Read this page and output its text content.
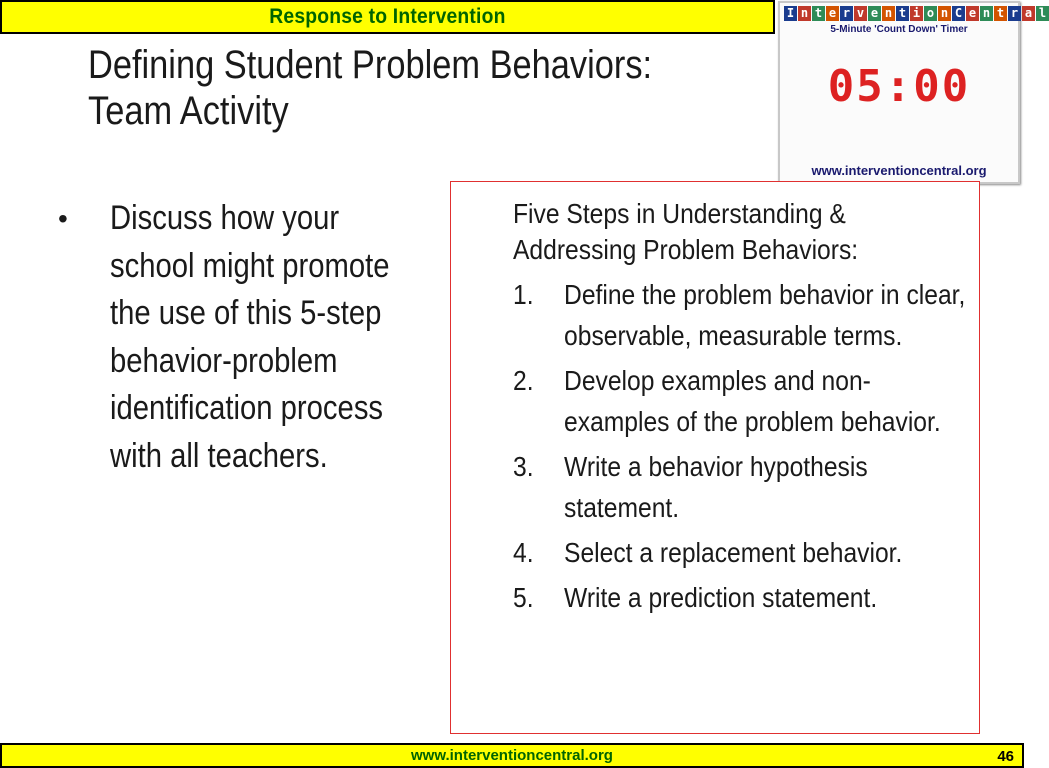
Response to Intervention
Defining Student Problem Behaviors:
Team Activity
I n t e r v e n t i o n C e n t r a l
5-Minute 'Count Down' Timer
05:00
www.interventioncentral.org
• Discuss how your school might promote the use of this 5-step behavior-problem identification process with all teachers.
Five Steps in Understanding & Addressing Problem Behaviors:
1. Define the problem behavior in clear, observable, measurable terms.
2. Develop examples and non-examples of the problem behavior.
3. Write a behavior hypothesis statement.
4. Select a replacement behavior.
5. Write a prediction statement.
www.interventioncentral.org	46
